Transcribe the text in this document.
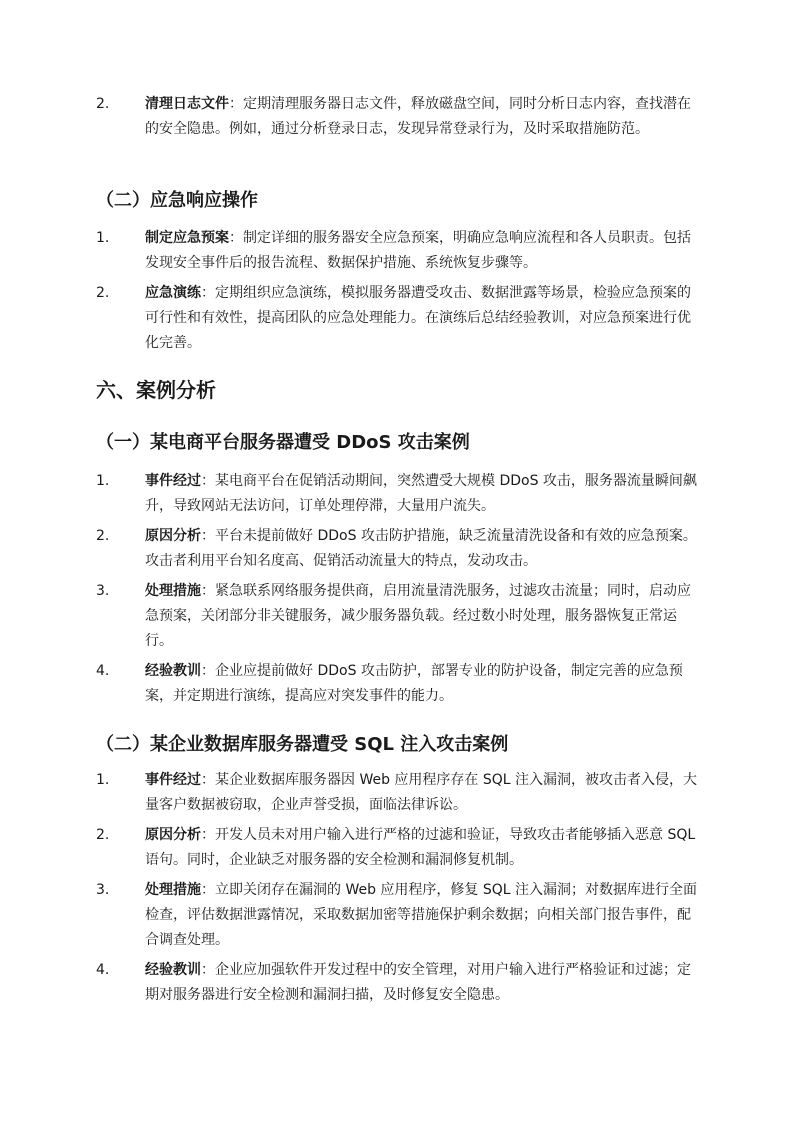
2.	清理日志文件：定期清理服务器日志文件，释放磁盘空间，同时分析日志内容，查找潜在的安全隐患。例如，通过分析登录日志，发现异常登录行为，及时采取措施防范。
（二）应急响应操作
1.	制定应急预案：制定详细的服务器安全应急预案，明确应急响应流程和各人员职责。包括发现安全事件后的报告流程、数据保护措施、系统恢复步骤等。
2.	应急演练：定期组织应急演练，模拟服务器遭受攻击、数据泄露等场景，检验应急预案的可行性和有效性，提高团队的应急处理能力。在演练后总结经验教训，对应急预案进行优化完善。
六、案例分析
（一）某电商平台服务器遭受 DDoS 攻击案例
1.	事件经过：某电商平台在促销活动期间，突然遭受大规模 DDoS 攻击，服务器流量瞬间飙升，导致网站无法访问，订单处理停滞，大量用户流失。
2.	原因分析：平台未提前做好 DDoS 攻击防护措施，缺乏流量清洗设备和有效的应急预案。攻击者利用平台知名度高、促销活动流量大的特点，发动攻击。
3.	处理措施：紧急联系网络服务提供商，启用流量清洗服务，过滤攻击流量；同时，启动应急预案，关闭部分非关键服务，减少服务器负载。经过数小时处理，服务器恢复正常运行。
4.	经验教训：企业应提前做好 DDoS 攻击防护，部署专业的防护设备，制定完善的应急预案，并定期进行演练，提高应对突发事件的能力。
（二）某企业数据库服务器遭受 SQL 注入攻击案例
1.	事件经过：某企业数据库服务器因 Web 应用程序存在 SQL 注入漏洞，被攻击者入侵，大量客户数据被窃取，企业声誉受损，面临法律诉讼。
2.	原因分析：开发人员未对用户输入进行严格的过滤和验证，导致攻击者能够插入恶意 SQL 语句。同时，企业缺乏对服务器的安全检测和漏洞修复机制。
3.	处理措施：立即关闭存在漏洞的 Web 应用程序，修复 SQL 注入漏洞；对数据库进行全面检查，评估数据泄露情况，采取数据加密等措施保护剩余数据；向相关部门报告事件，配合调查处理。
4.	经验教训：企业应加强软件开发过程中的安全管理，对用户输入进行严格验证和过滤；定期对服务器进行安全检测和漏洞扫描，及时修复安全隐患。
